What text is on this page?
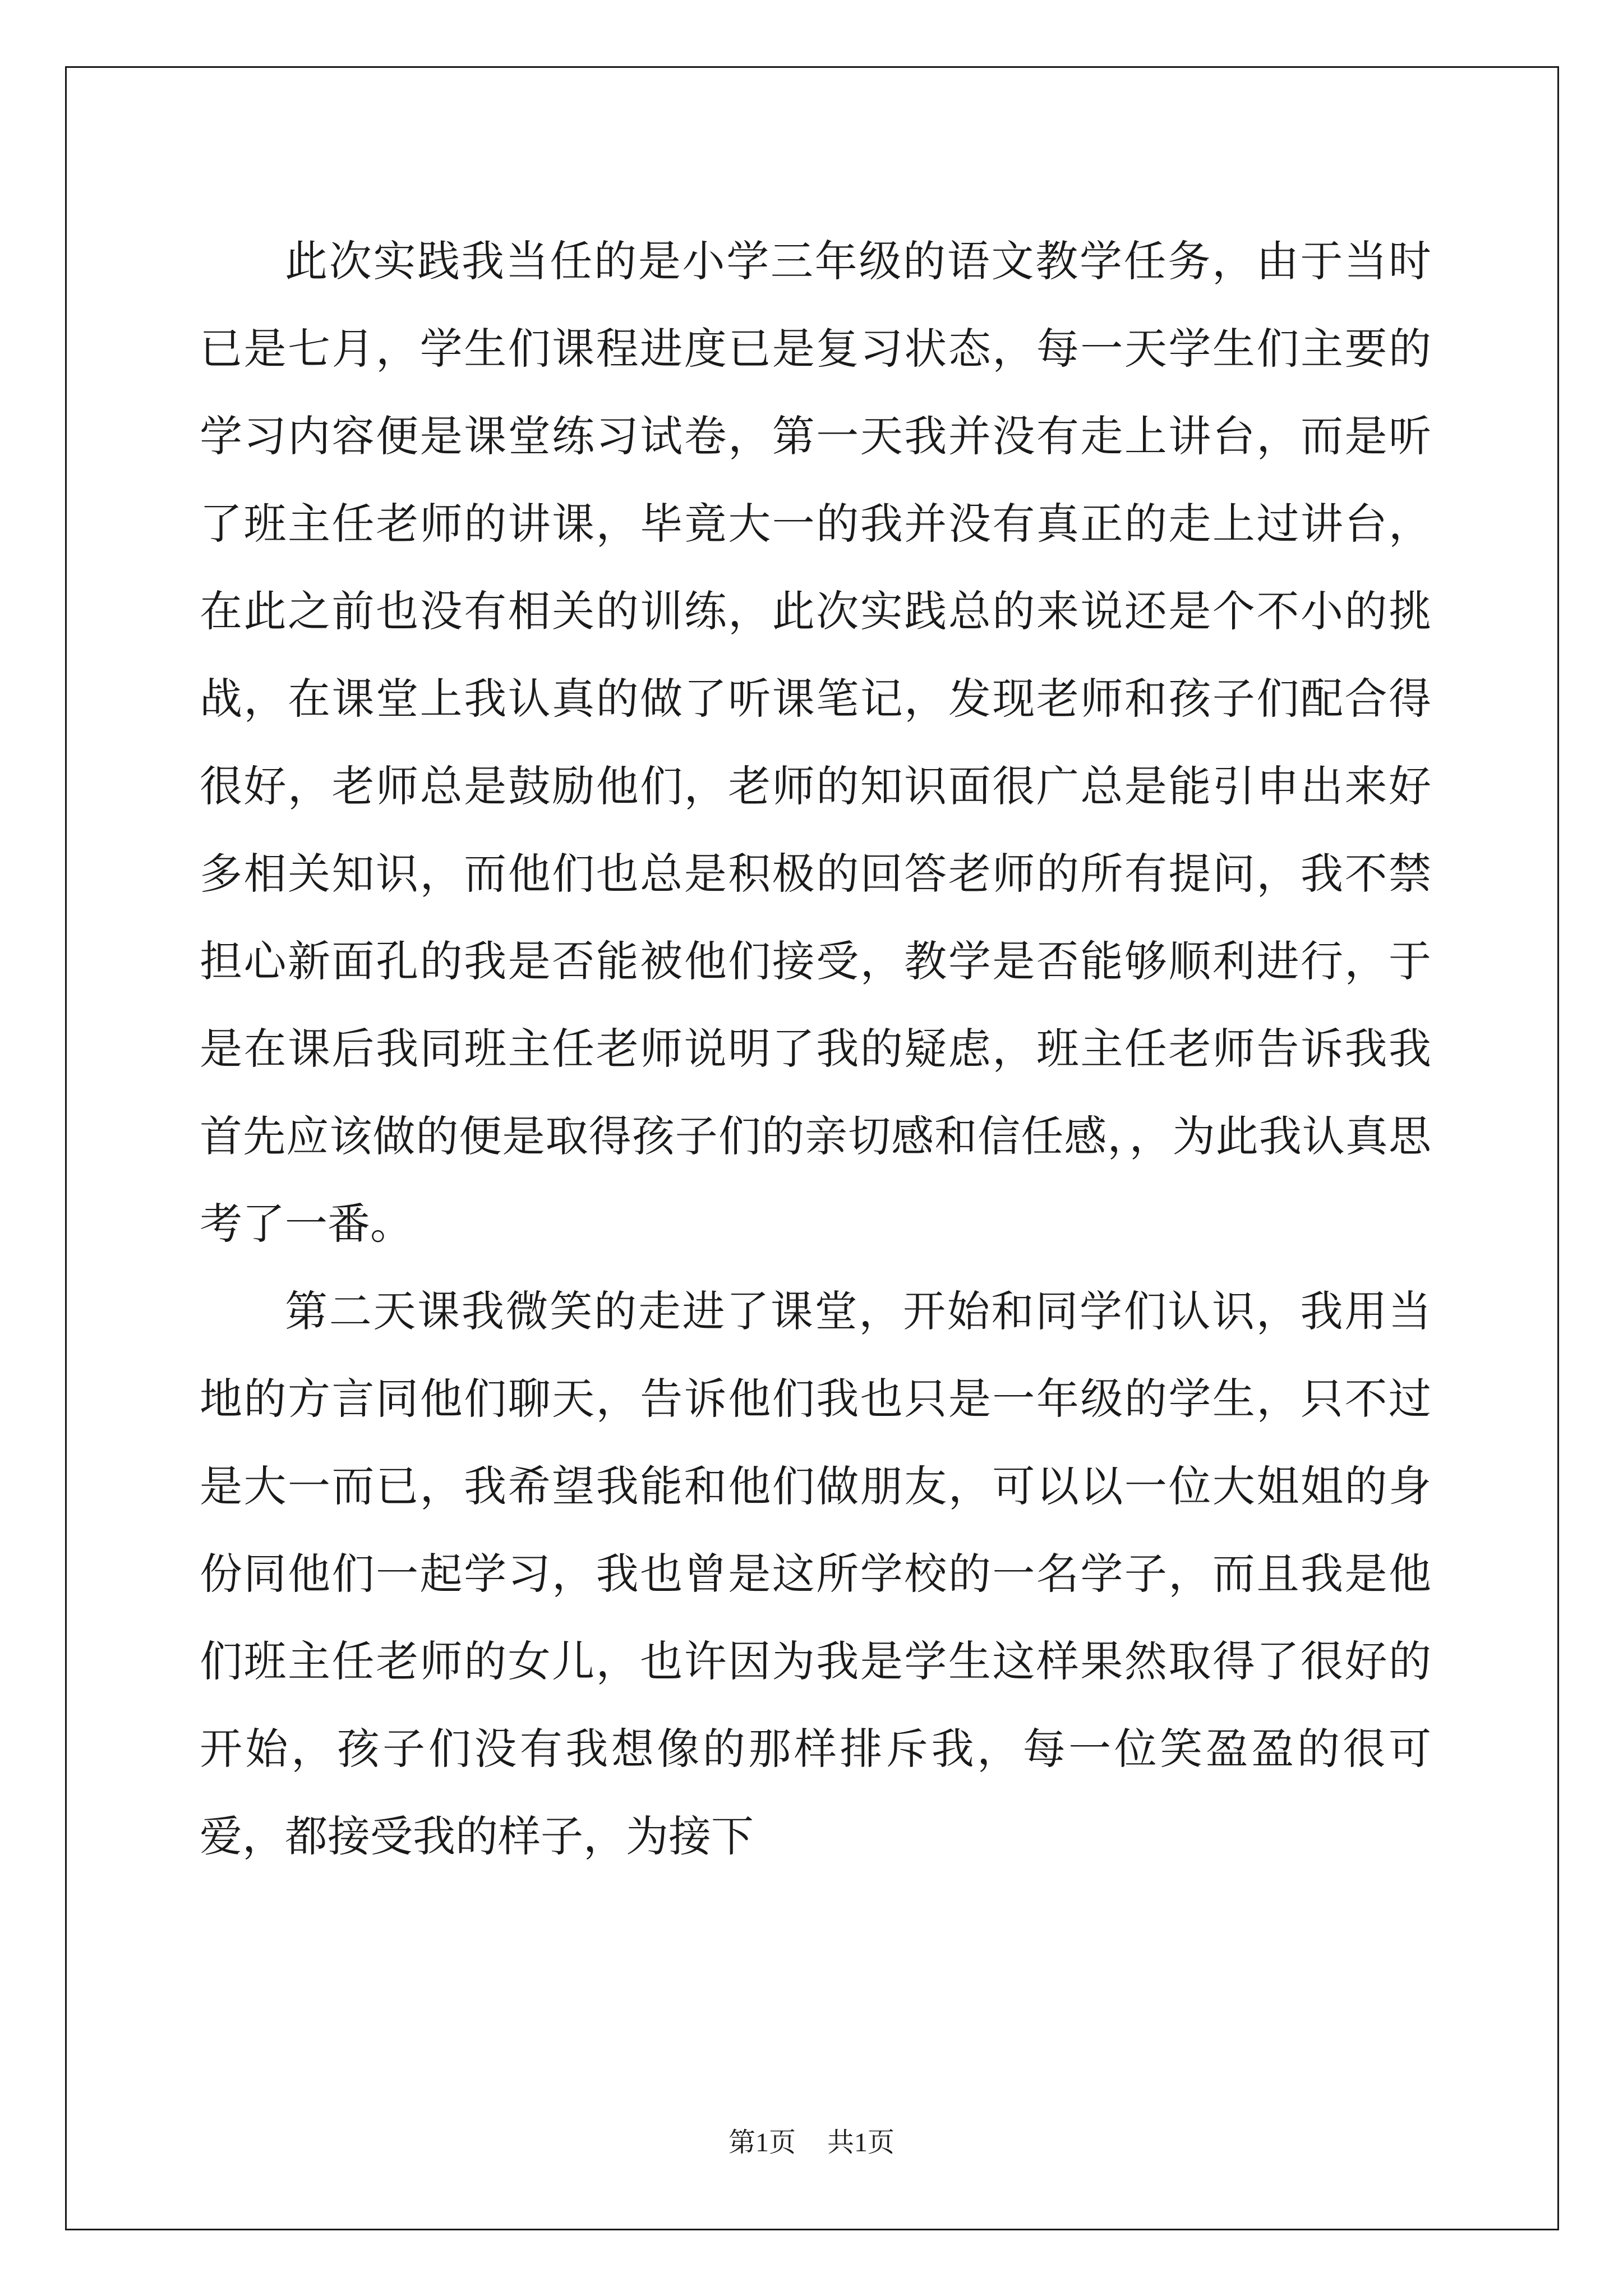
此次实践我当任的是小学三年级的语文教学任务，由于当时已是七月，学生们课程进度已是复习状态，每一天学生们主要的学习内容便是课堂练习试卷，第一天我并没有走上讲台，而是听了班主任老师的讲课，毕竟大一的我并没有真正的走上过讲台，在此之前也没有相关的训练，此次实践总的来说还是个不小的挑战，在课堂上我认真的做了听课笔记，发现老师和孩子们配合得很好，老师总是鼓励他们，老师的知识面很广总是能引申出来好多相关知识，而他们也总是积极的回答老师的所有提问，我不禁担心新面孔的我是否能被他们接受，教学是否能够顺利进行，于是在课后我同班主任老师说明了我的疑虑，班主任老师告诉我我首先应该做的便是取得孩子们的亲切感和信任感，，为此我认真思考了一番。

第二天课我微笑的走进了课堂，开始和同学们认识，我用当地的方言同他们聊天，告诉他们我也只是一年级的学生，只不过是大一而已，我希望我能和他们做朋友，可以以一位大姐姐的身份同他们一起学习，我也曾是这所学校的一名学子，而且我是他们班主任老师的女儿，也许因为我是学生这样果然取得了很好的开始，孩子们没有我想像的那样排斥我，每一位笑盈盈的很可爱，都接受我的样子，为接下

第1页 共1页
